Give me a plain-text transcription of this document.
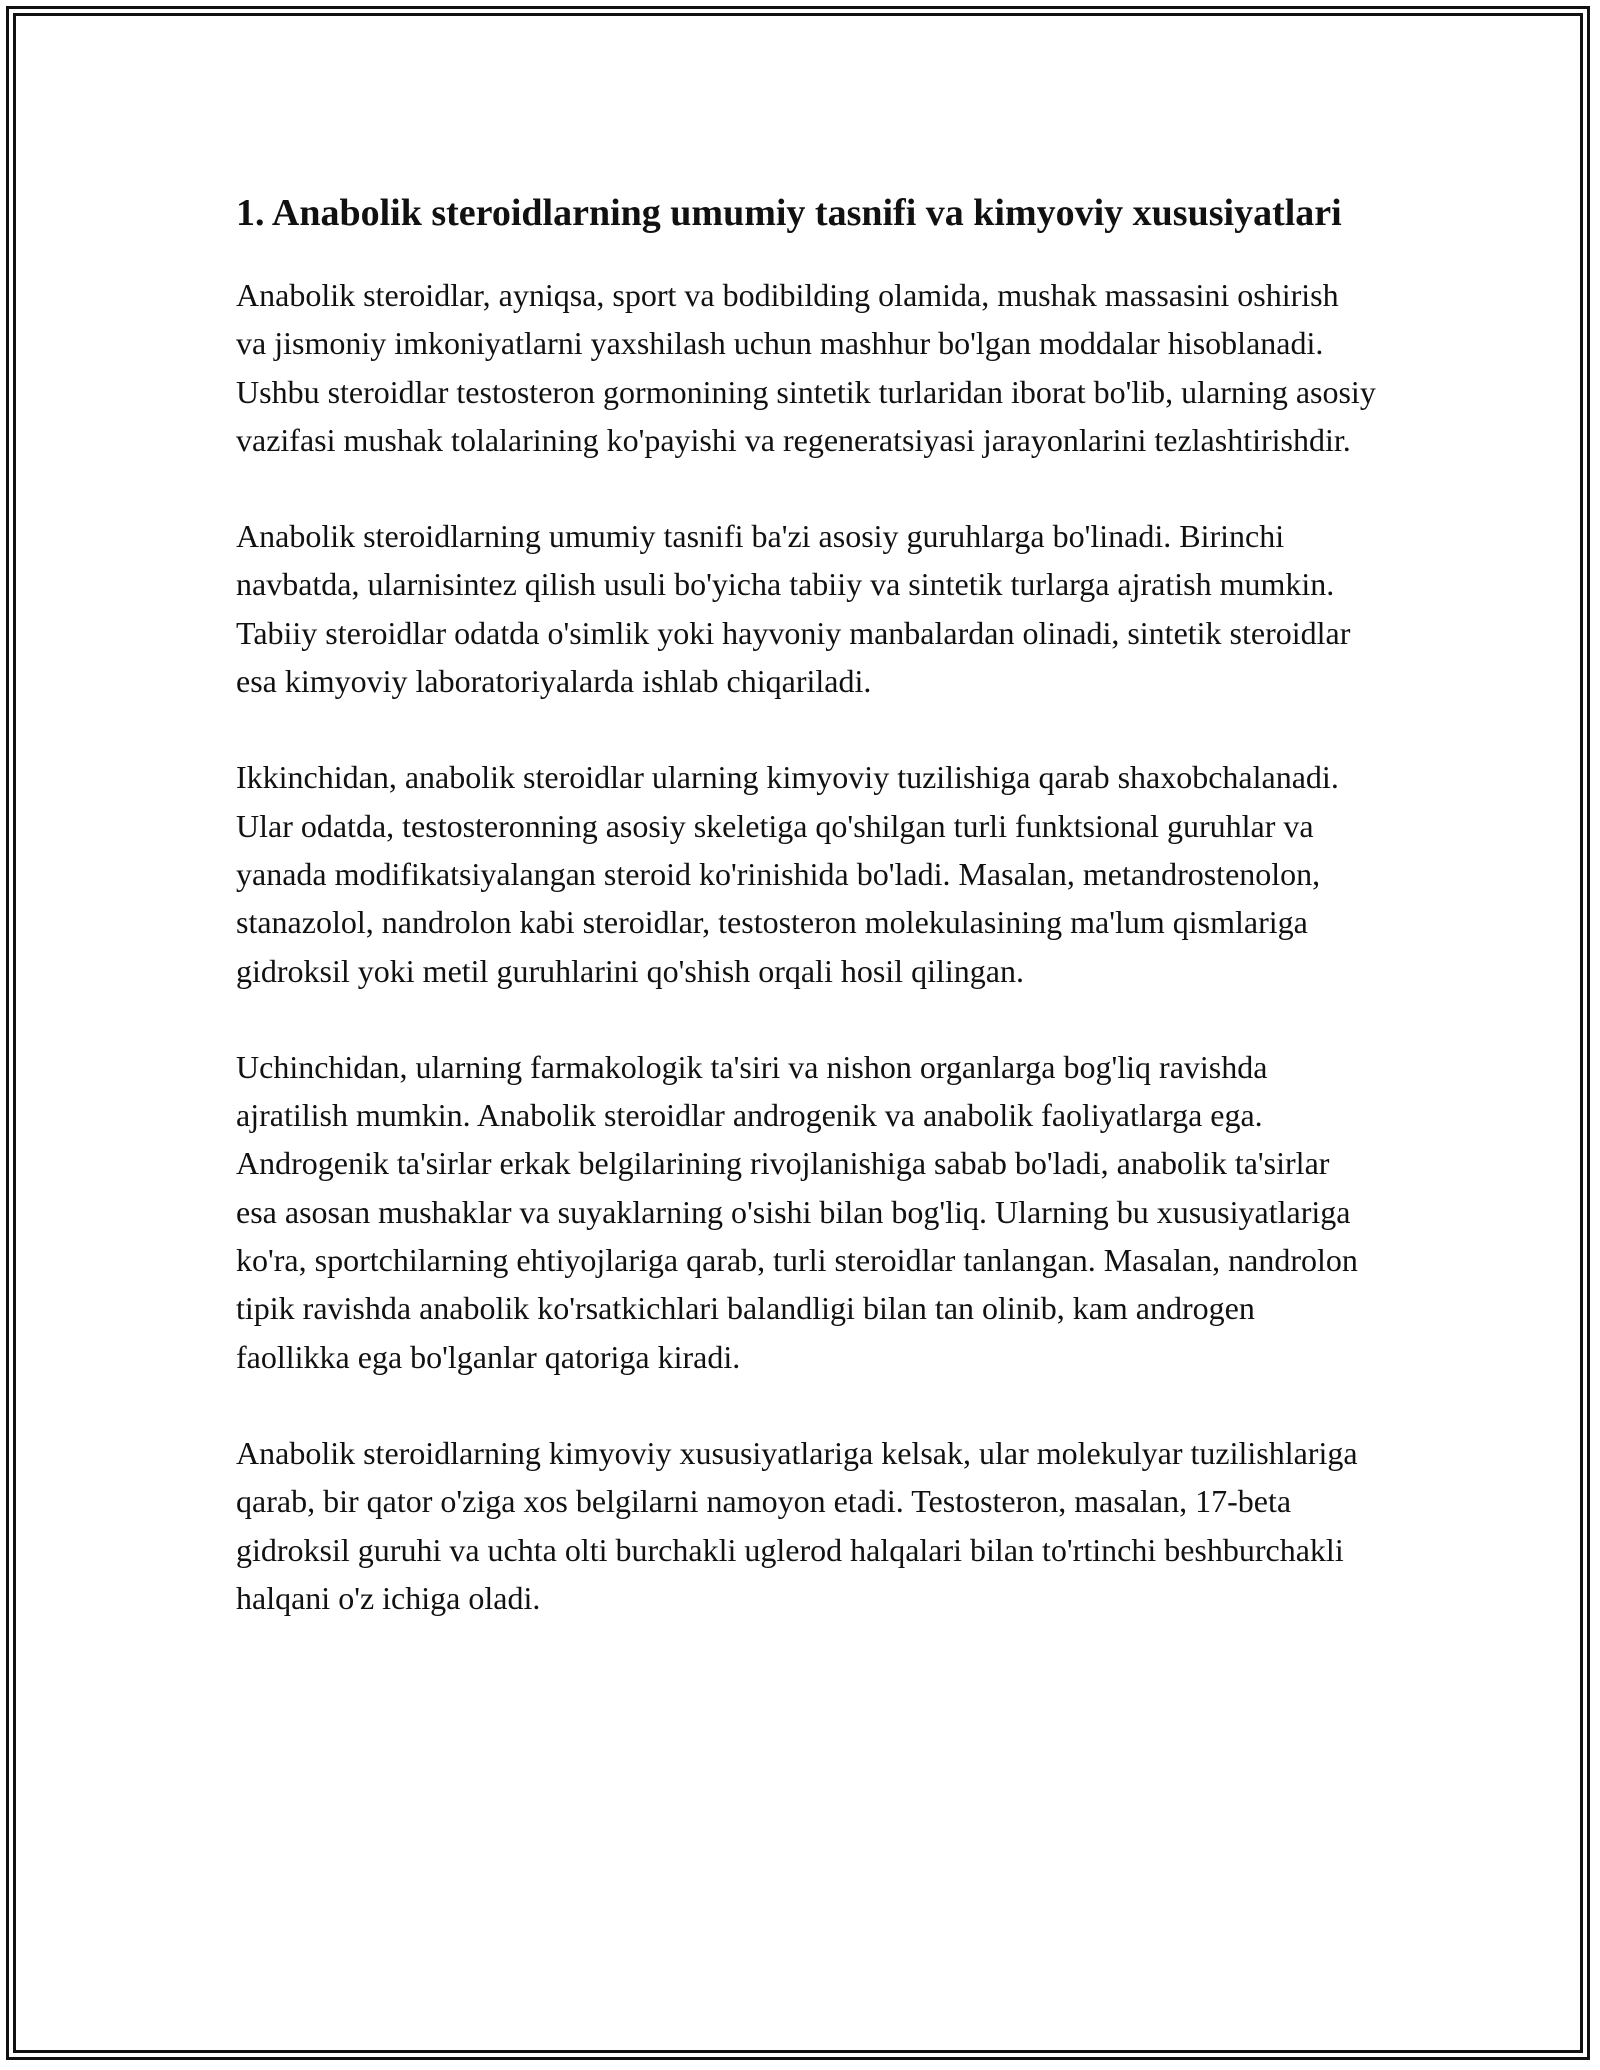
1. Anabolik steroidlarning umumiy tasnifi va kimyoviy xususiyatlari

Anabolik steroidlar, ayniqsa, sport va bodibilding olamida, mushak massasini oshirish va jismoniy imkoniyatlarni yaxshilash uchun mashhur bo'lgan moddalar hisoblanadi. Ushbu steroidlar testosteron gormonining sintetik turlaridan iborat bo'lib, ularning asosiy vazifasi mushak tolalarining ko'payishi va regeneratsiyasi jarayonlarini tezlashtirishdir.

Anabolik steroidlarning umumiy tasnifi ba'zi asosiy guruhlarga bo'linadi. Birinchi navbatda, ularnisintez qilish usuli bo'yicha tabiiy va sintetik turlarga ajratish mumkin. Tabiiy steroidlar odatda o'simlik yoki hayvoniy manbalardan olinadi, sintetik steroidlar esa kimyoviy laboratoriyalarda ishlab chiqariladi.

Ikkinchidan, anabolik steroidlar ularning kimyoviy tuzilishiga qarab shaxobchalanadi. Ular odatda, testosteronning asosiy skeletiga qo'shilgan turli funktsional guruhlar va yanada modifikatsiyalangan steroid ko'rinishida bo'ladi. Masalan, metandrostenolon, stanazolol, nandrolon kabi steroidlar, testosteron molekulasining ma'lum qismlariga gidroksil yoki metil guruhlarini qo'shish orqali hosil qilingan.

Uchinchidan, ularning farmakologik ta'siri va nishon organlarga bog'liq ravishda ajratilish mumkin. Anabolik steroidlar androgenik va anabolik faoliyatlarga ega. Androgenik ta'sirlar erkak belgilarining rivojlanishiga sabab bo'ladi, anabolik ta'sirlar esa asosan mushaklar va suyaklarning o'sishi bilan bog'liq. Ularning bu xususiyatlariga ko'ra, sportchilarning ehtiyojlariga qarab, turli steroidlar tanlangan. Masalan, nandrolon tipik ravishda anabolik ko'rsatkichlari balandligi bilan tan olinib, kam androgen faollikka ega bo'lganlar qatoriga kiradi.

Anabolik steroidlarning kimyoviy xususiyatlariga kelsak, ular molekulyar tuzilishlariga qarab, bir qator o'ziga xos belgilarni namoyon etadi. Testosteron, masalan, 17-beta gidroksil guruhi va uchta olti burchakli uglerod halqalari bilan to'rtinchi beshburchakli halqani o'z ichiga oladi.
